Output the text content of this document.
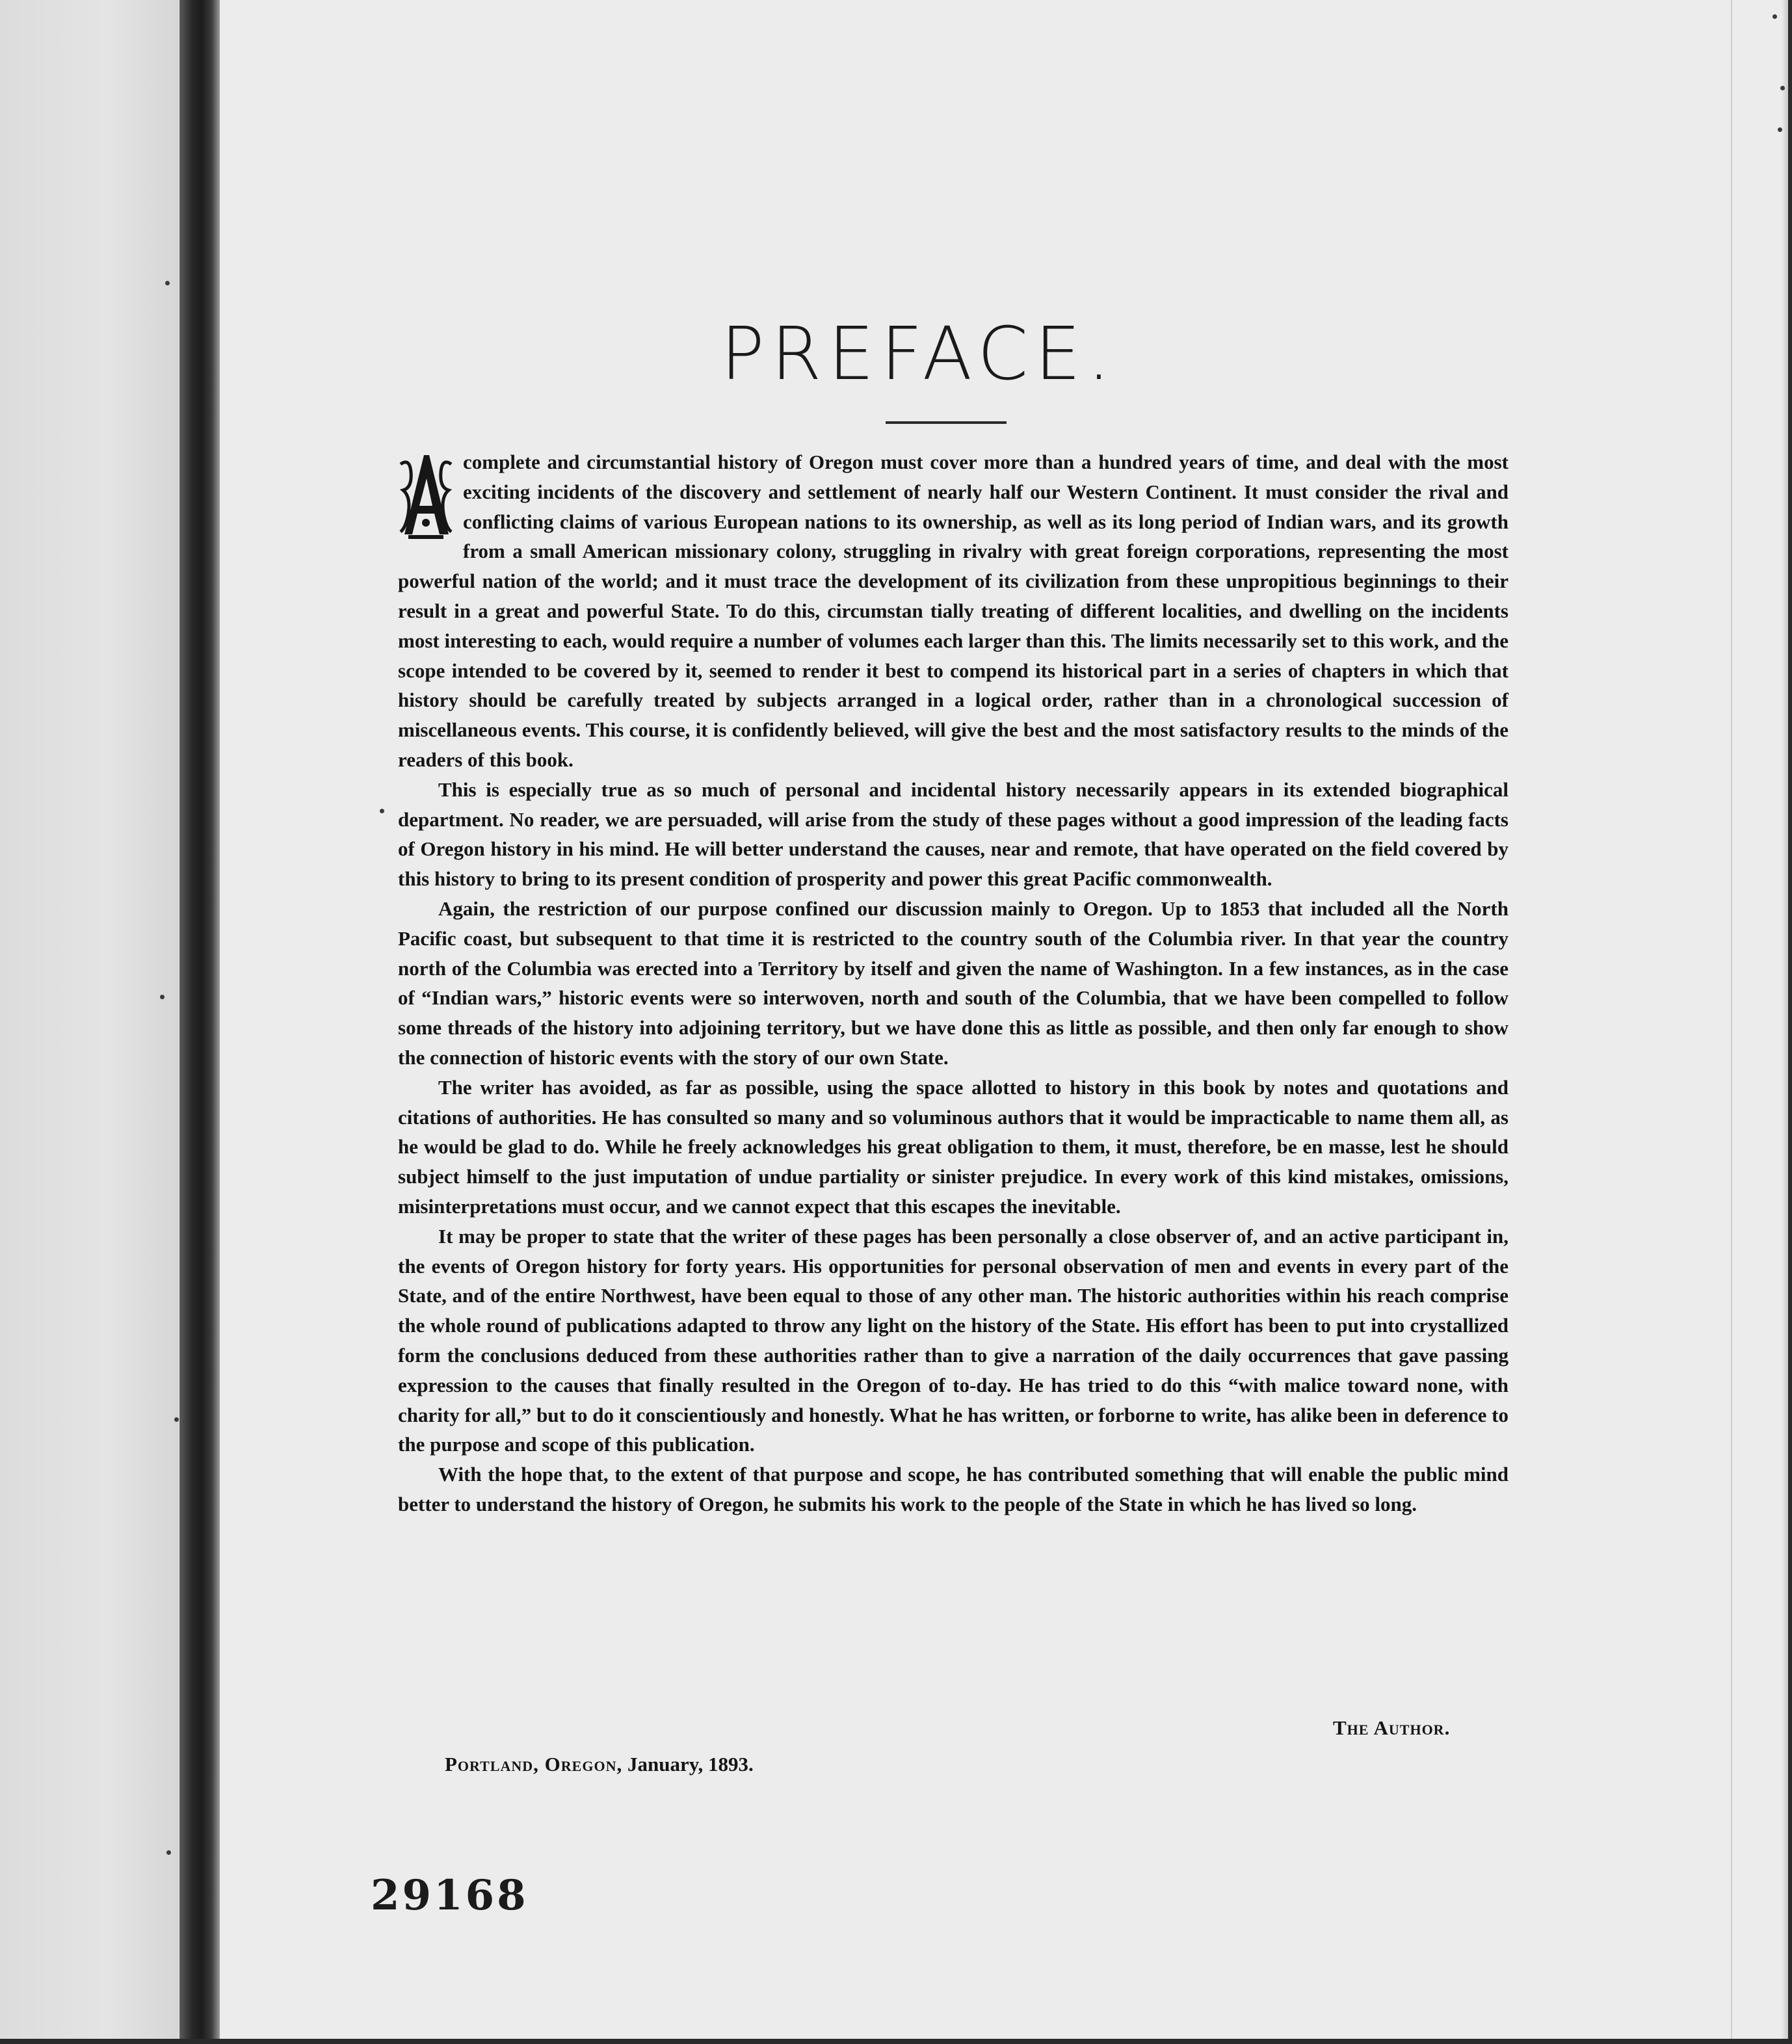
PREFACE.

complete and circumstantial history of Oregon must cover more than a hundred years of time, and deal with the most exciting incidents of the discovery and settlement of nearly half our Western Continent. It must consider the rival and conflicting claims of various European nations to its ownership, as well as its long period of Indian wars, and its growth from a small American missionary colony, struggling in rivalry with great foreign corporations, representing the most powerful nation of the world; and it must trace the development of its civilization from these unpropitious beginnings to their result in a great and powerful State. To do this, circumstan tially treating of different localities, and dwelling on the incidents most interesting to each, would require a number of volumes each larger than this. The limits necessarily set to this work, and the scope intended to be covered by it, seemed to render it best to compend its historical part in a series of chapters in which that history should be carefully treated by subjects arranged in a logical order, rather than in a chronological succession of miscellaneous events. This course, it is confidently believed, will give the best and the most satisfactory results to the minds of the readers of this book.

This is especially true as so much of personal and incidental history necessarily appears in its extended biographical department. No reader, we are persuaded, will arise from the study of these pages without a good impression of the leading facts of Oregon history in his mind. He will better understand the causes, near and remote, that have operated on the field covered by this history to bring to its present condition of prosperity and power this great Pacific commonwealth.

Again, the restriction of our purpose confined our discussion mainly to Oregon. Up to 1853 that included all the North Pacific coast, but subsequent to that time it is restricted to the country south of the Columbia river. In that year the country north of the Columbia was erected into a Territory by itself and given the name of Washington. In a few instances, as in the case of “Indian wars,” historic events were so interwoven, north and south of the Columbia, that we have been compelled to follow some threads of the history into adjoining territory, but we have done this as little as possible, and then only far enough to show the connection of historic events with the story of our own State.

The writer has avoided, as far as possible, using the space allotted to history in this book by notes and quotations and citations of authorities. He has consulted so many and so voluminous authors that it would be impracticable to name them all, as he would be glad to do. While he freely acknowledges his great obligation to them, it must, therefore, be en masse, lest he should subject himself to the just imputation of undue partiality or sinister prejudice. In every work of this kind mistakes, omissions, misinterpretations must occur, and we cannot expect that this escapes the inevitable.

It may be proper to state that the writer of these pages has been personally a close observer of, and an active participant in, the events of Oregon history for forty years. His opportunities for personal observation of men and events in every part of the State, and of the entire Northwest, have been equal to those of any other man. The historic authorities within his reach comprise the whole round of publications adapted to throw any light on the history of the State. His effort has been to put into crystallized form the conclusions deduced from these authorities rather than to give a narration of the daily occurrences that gave passing expression to the causes that finally resulted in the Oregon of to-day. He has tried to do this “with malice toward none, with charity for all,” but to do it conscientiously and honestly. What he has written, or forborne to write, has alike been in deference to the purpose and scope of this publication.

With the hope that, to the extent of that purpose and scope, he has contributed something that will enable the public mind better to understand the history of Oregon, he submits his work to the people of the State in which he has lived so long.

The Author.
Portland, Oregon, January, 1893.
29168
